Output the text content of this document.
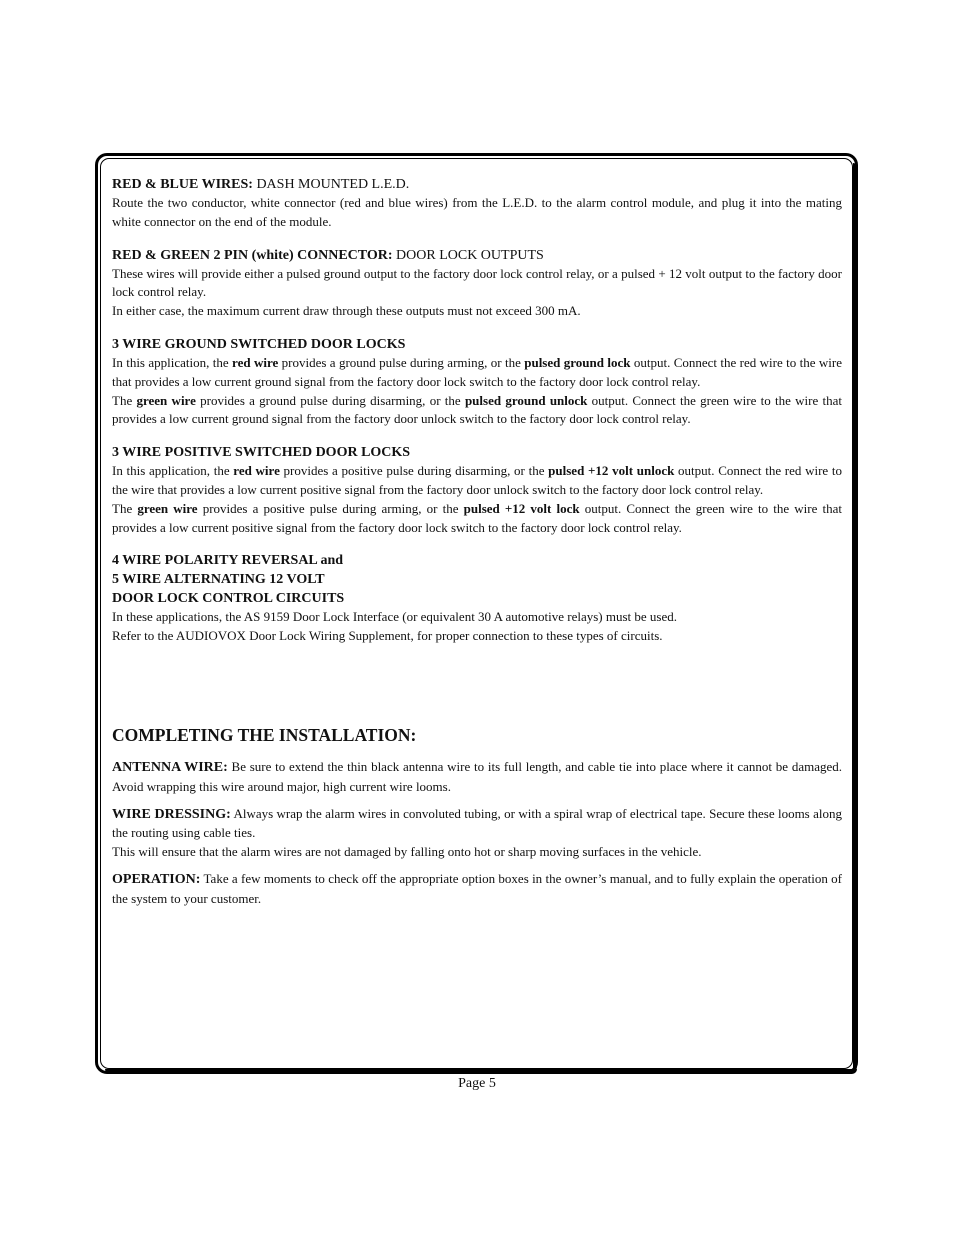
RED & BLUE WIRES: DASH MOUNTED L.E.D.

Route the two conductor, white connector (red and blue wires) from the L.E.D. to the alarm control module, and plug it into the mating white connector on the end of the module.

RED & GREEN 2 PIN (white) CONNECTOR: DOOR LOCK OUTPUTS

These wires will provide either a pulsed ground output to the factory door lock control relay, or a pulsed + 12 volt output to the factory door lock control relay.

In either case, the maximum current draw through these outputs must not exceed 300 mA.

3 WIRE GROUND SWITCHED DOOR LOCKS

In this application, the red wire provides a ground pulse during arming, or the pulsed ground lock output. Connect the red wire to the wire that provides a low current ground signal from the factory door lock switch to the factory door lock control relay.

The green wire provides a ground pulse during disarming, or the pulsed ground unlock output. Connect the green wire to the wire that provides a low current ground signal from the factory door unlock switch to the factory door lock control relay.

3 WIRE POSITIVE SWITCHED DOOR LOCKS

In this application, the red wire provides a positive pulse during disarming, or the pulsed +12 volt unlock output. Connect the red wire to the wire that provides a low current positive signal from the factory door unlock switch to the factory door lock control relay.

The green wire provides a positive pulse during arming, or the pulsed +12 volt lock output. Connect the green wire to the wire that provides a low current positive signal from the factory door lock switch to the factory door lock control relay.

4 WIRE POLARITY REVERSAL and
5 WIRE ALTERNATING 12 VOLT
DOOR LOCK CONTROL CIRCUITS

In these applications, the AS 9159 Door Lock Interface (or equivalent 30 A automotive relays) must be used.

Refer to the AUDIOVOX Door Lock Wiring Supplement, for proper connection to these types of circuits.

COMPLETING THE INSTALLATION:

ANTENNA WIRE: Be sure to extend the thin black antenna wire to its full length, and cable tie into place where it cannot be damaged. Avoid wrapping this wire around major, high current wire looms.

WIRE DRESSING: Always wrap the alarm wires in convoluted tubing, or with a spiral wrap of electrical tape. Secure these looms along the routing using cable ties.

This will ensure that the alarm wires are not damaged by falling onto hot or sharp moving surfaces in the vehicle.

OPERATION: Take a few moments to check off the appropriate option boxes in the owner’s manual, and to fully explain the operation of the system to your customer.

Page 5
